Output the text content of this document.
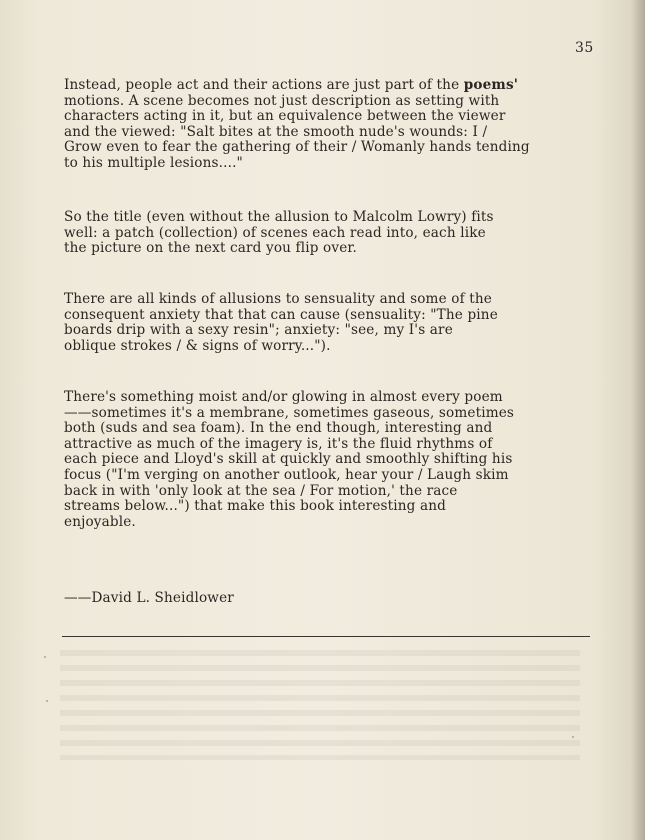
35
Instead, people act and their actions are just part of the poems'
motions. A scene becomes not just description as setting with
characters acting in it, but an equivalence between the viewer
and the viewed: "Salt bites at the smooth nude's wounds: I /
Grow even to fear the gathering of their / Womanly hands tending
to his multiple lesions...."
So the title (even without the allusion to Malcolm Lowry) fits
well: a patch (collection) of scenes each read into, each like
the picture on the next card you flip over.
There are all kinds of allusions to sensuality and some of the
consequent anxiety that that can cause (sensuality: "The pine
boards drip with a sexy resin"; anxiety: "see, my I's are
oblique strokes / & signs of worry...").
There's something moist and/or glowing in almost every poem
——sometimes it's a membrane, sometimes gaseous, sometimes
both (suds and sea foam). In the end though, interesting and
attractive as much of the imagery is, it's the fluid rhythms of
each piece and Lloyd's skill at quickly and smoothly shifting his
focus ("I'm verging on another outlook, hear your / Laugh skim
back in with 'only look at the sea / For motion,' the race
streams below...") that make this book interesting and
enjoyable.
——David L. Sheidlower
